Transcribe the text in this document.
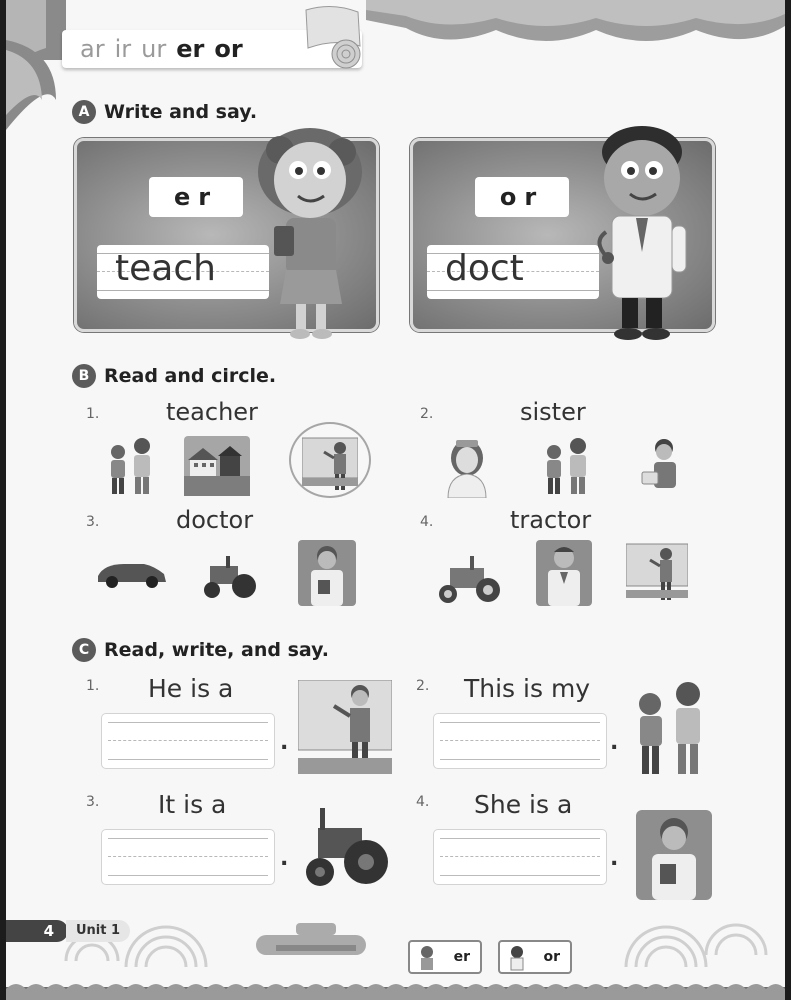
ar ir ur er or
A Write and say.
er
teach
or
doct
B Read and circle.
1.	teacher	2.	sister
3.	doctor	4.	tractor
C Read, write, and say.
1. He is a
.
2. This is my
.
3. It is a
.
4. She is a
.
4	Unit 1
er	or
